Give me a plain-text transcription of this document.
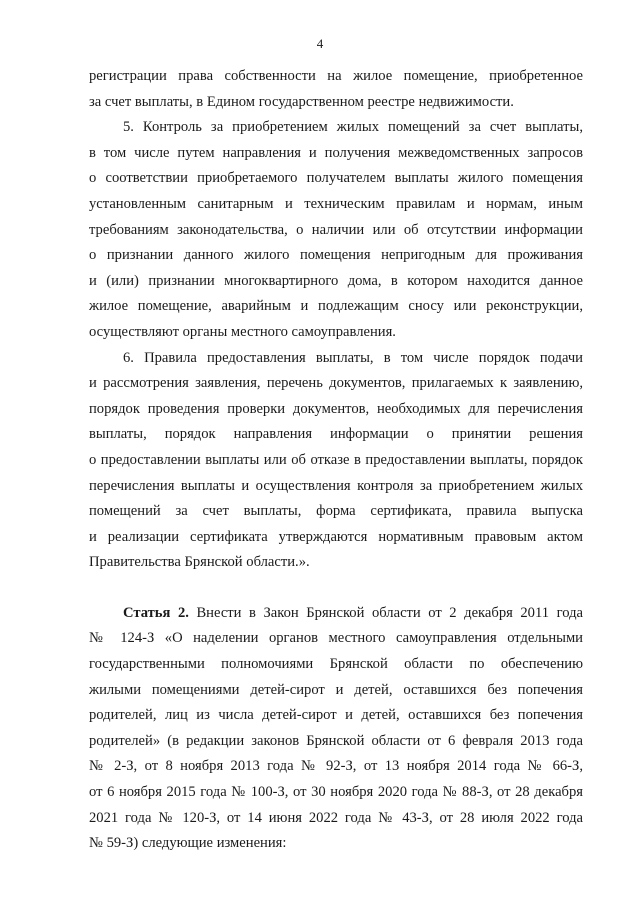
4
регистрации права собственности на жилое помещение, приобретенное
за счет выплаты, в Едином государственном реестре недвижимости.
5. Контроль за приобретением жилых помещений за счет выплаты,
в том числе путем направления и получения межведомственных запросов
о соответствии приобретаемого получателем выплаты жилого помещения
установленным санитарным и техническим правилам и нормам, иным
требованиям законодательства, о наличии или об отсутствии информации
о признании данного жилого помещения непригодным для проживания
и (или) признании многоквартирного дома, в котором находится данное
жилое помещение, аварийным и подлежащим сносу или реконструкции,
осуществляют органы местного самоуправления.
6. Правила предоставления выплаты, в том числе порядок подачи
и рассмотрения заявления, перечень документов, прилагаемых к заявлению,
порядок проведения проверки документов, необходимых для перечисления
выплаты, порядок направления информации о принятии решения
о предоставлении выплаты или об отказе в предоставлении выплаты, порядок
перечисления выплаты и осуществления контроля за приобретением жилых
помещений за счет выплаты, форма сертификата, правила выпуска
и реализации сертификата утверждаются нормативным правовым актом
Правительства Брянской области.».
Статья 2. Внести в Закон Брянской области от 2 декабря 2011 года
№ 124-З «О наделении органов местного самоуправления отдельными
государственными полномочиями Брянской области по обеспечению
жилыми помещениями детей-сирот и детей, оставшихся без попечения
родителей, лиц из числа детей-сирот и детей, оставшихся без попечения
родителей» (в редакции законов Брянской области от 6 февраля 2013 года
№ 2-З, от 8 ноября 2013 года № 92-З, от 13 ноября 2014 года № 66-З,
от 6 ноября 2015 года № 100-З, от 30 ноября 2020 года № 88-З, от 28 декабря
2021 года № 120-З, от 14 июня 2022 года № 43-З, от 28 июля 2022 года
№ 59-З) следующие изменения:
